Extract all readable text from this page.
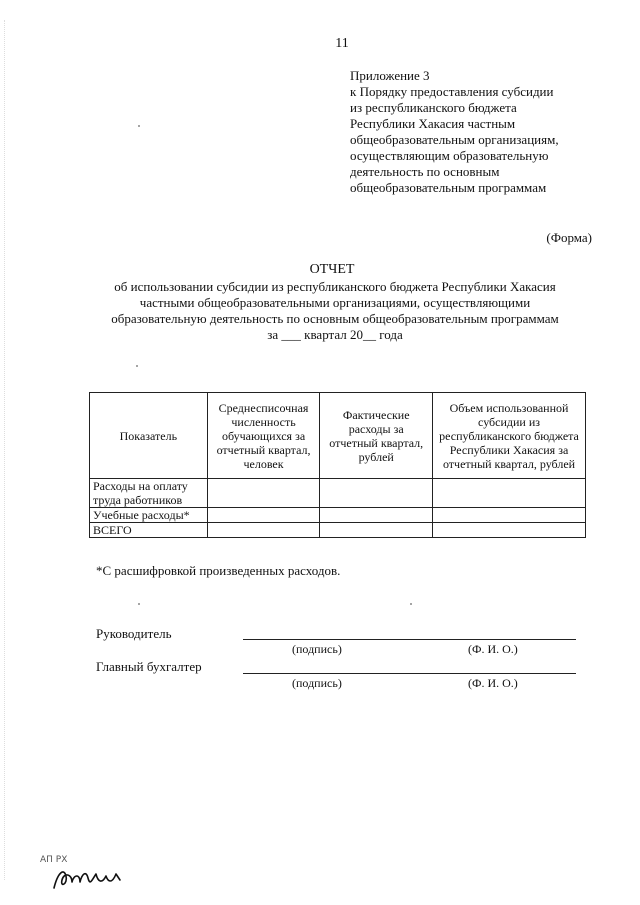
11
Приложение 3
к Порядку предоставления субсидии
из республиканского бюджета
Республики Хакасия частным
общеобразовательным организациям,
осуществляющим образовательную
деятельность по основным
общеобразовательным программам
(Форма)
ОТЧЕТ
об использовании субсидии из республиканского бюджета Республики Хакасия
частными общеобразовательными организациями, осуществляющими
образовательную деятельность по основным общеобразовательным программам
за ___ квартал 20__ года
Показатель	Среднесписочная численность обучающихся за отчетный квартал, человек	Фактические расходы за отчетный квартал, рублей	Объем использованной субсидии из республиканского бюджета Республики Хакасия за отчетный квартал, рублей
Расходы на оплату труда работников			
Учебные расходы*			
ВСЕГО			
*С расшифровкой произведенных расходов.
Руководитель
(подпись)	(Ф. И. О.)
Главный бухгалтер
(подпись)	(Ф. И. О.)
АП РХ
